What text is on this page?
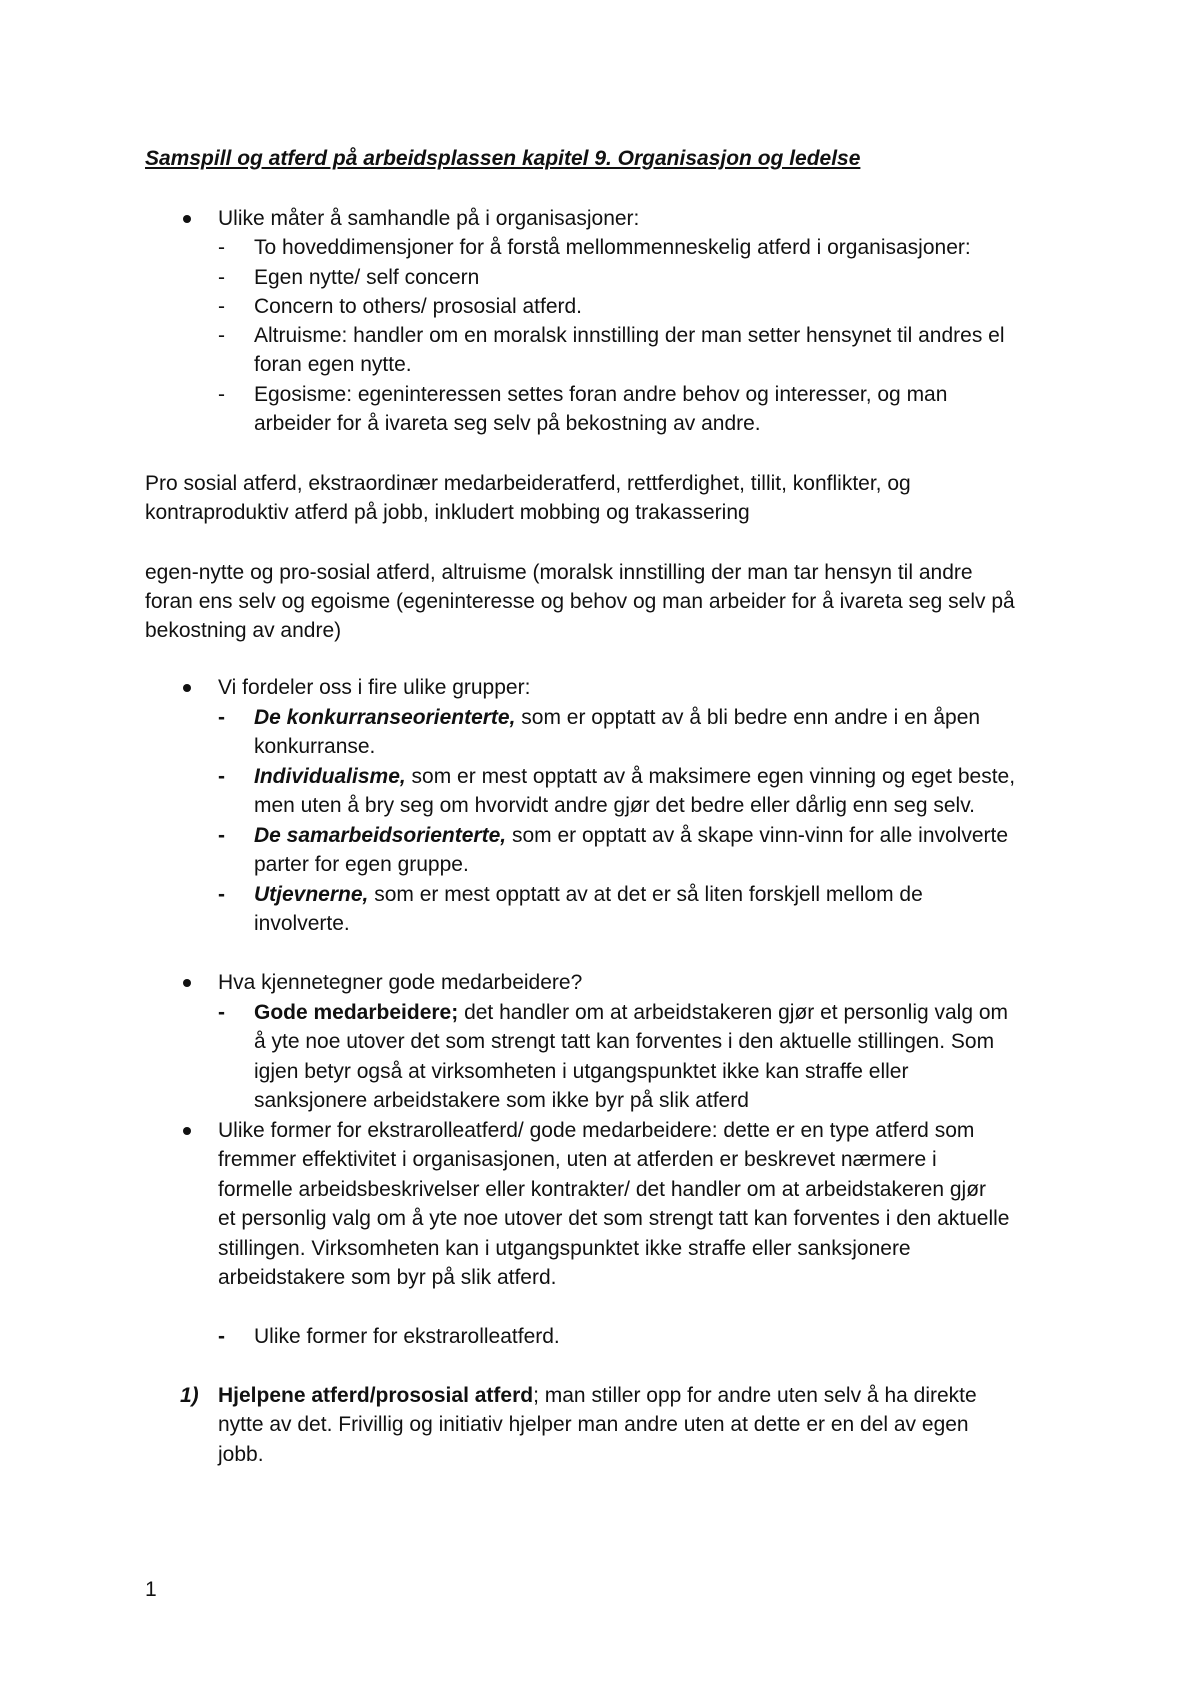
Samspill og atferd på arbeidsplassen kapitel 9. Organisasjon og ledelse
Ulike måter å samhandle på i organisasjoner:
- To hoveddimensjoner for å forstå mellommenneskelig atferd i organisasjoner:
- Egen nytte/ self concern
- Concern to others/ prososial atferd.
- Altruisme: handler om en moralsk innstilling der man setter hensynet til andres el
foran egen nytte.
- Egosisme: egeninteressen settes foran andre behov og interesser, og man
arbeider for å ivareta seg selv på bekostning av andre.
Pro sosial atferd, ekstraordinær medarbeideratferd, rettferdighet, tillit, konflikter, og
kontraproduktiv atferd på jobb, inkludert mobbing og trakassering
egen-nytte og pro-sosial atferd, altruisme (moralsk innstilling der man tar hensyn til andre
foran ens selv og egoisme (egeninteresse og behov og man arbeider for å ivareta seg selv på
bekostning av andre)
Vi fordeler oss i fire ulike grupper:
- De konkurranseorienterte, som er opptatt av å bli bedre enn andre i en åpen
konkurranse.
- Individualisme, som er mest opptatt av å maksimere egen vinning og eget beste,
men uten å bry seg om hvorvidt andre gjør det bedre eller dårlig enn seg selv.
- De samarbeidsorienterte, som er opptatt av å skape vinn-vinn for alle involverte
parter for egen gruppe.
- Utjevnerne, som er mest opptatt av at det er så liten forskjell mellom de
involverte.
Hva kjennetegner gode medarbeidere?
- Gode medarbeidere; det handler om at arbeidstakeren gjør et personlig valg om
å yte noe utover det som strengt tatt kan forventes i den aktuelle stillingen. Som
igjen betyr også at virksomheten i utgangspunktet ikke kan straffe eller
sanksjonere arbeidstakere som ikke byr på slik atferd
Ulike former for ekstrarolleatferd/ gode medarbeidere: dette er en type atferd som
fremmer effektivitet i organisasjonen, uten at atferden er beskrevet nærmere i
formelle arbeidsbeskrivelser eller kontrakter/ det handler om at arbeidstakeren gjør
et personlig valg om å yte noe utover det som strengt tatt kan forventes i den aktuelle
stillingen. Virksomheten kan i utgangspunktet ikke straffe eller sanksjonere
arbeidstakere som byr på slik atferd.
- Ulike former for ekstrarolleatferd.
1) Hjelpene atferd/prososial atferd; man stiller opp for andre uten selv å ha direkte
nytte av det. Frivillig og initiativ hjelper man andre uten at dette er en del av egen
jobb.
1
